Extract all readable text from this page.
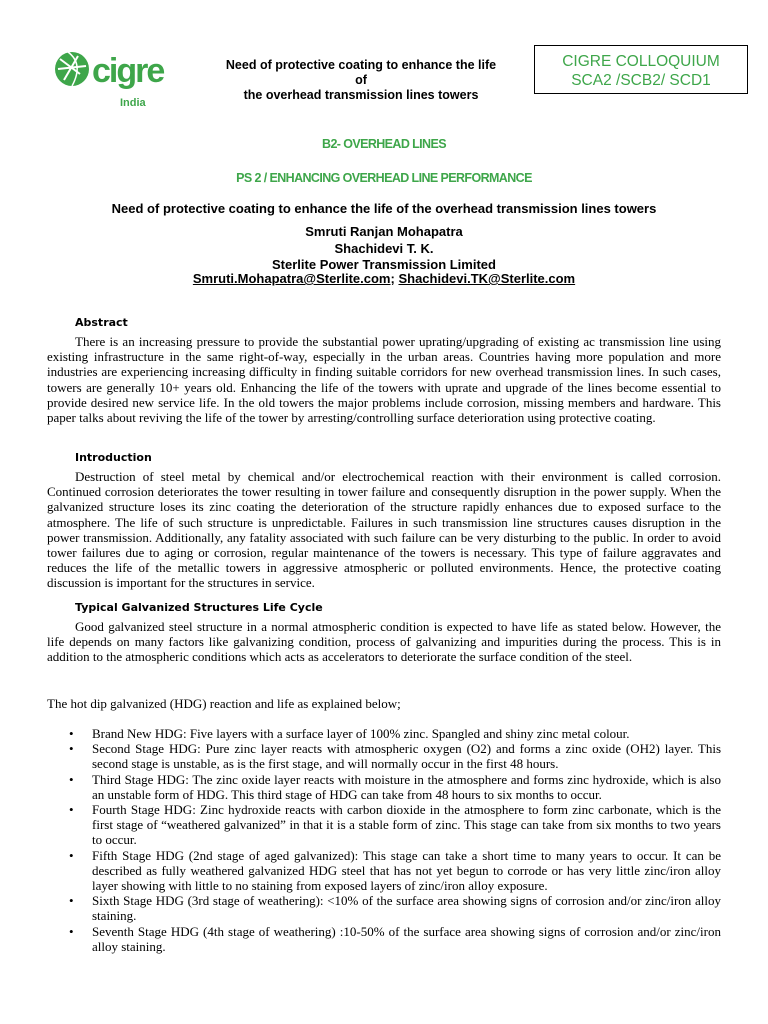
cigre
India
Need of protective coating to enhance the life
of
the overhead transmission lines towers
CIGRE COLLOQUIUM
SCA2 /SCB2/ SCD1
B2- OVERHEAD LINES
PS 2 / ENHANCING OVERHEAD LINE PERFORMANCE
Need of protective coating to enhance the life of the overhead transmission lines towers
Smruti Ranjan Mohapatra
Shachidevi T. K.
Sterlite Power Transmission Limited
Smruti.Mohapatra@Sterlite.com; Shachidevi.TK@Sterlite.com
Abstract
There is an increasing pressure to provide the substantial power uprating/upgrading of existing ac transmission line using existing infrastructure in the same right-of-way, especially in the urban areas. Countries having more population and more industries are experiencing increasing difficulty in finding suitable corridors for new overhead transmission lines. In such cases, towers are generally 10+ years old. Enhancing the life of the towers with uprate and upgrade of the lines become essential to provide desired new service life. In the old towers the major problems include corrosion, missing members and hardware. This paper talks about reviving the life of the tower by arresting/controlling surface deterioration using protective coating.
Introduction
Destruction of steel metal by chemical and/or electrochemical reaction with their environment is called corrosion. Continued corrosion deteriorates the tower resulting in tower failure and consequently disruption in the power supply. When the galvanized structure loses its zinc coating the deterioration of the structure rapidly enhances due to exposed surface to the atmosphere. The life of such structure is unpredictable. Failures in such transmission line structures causes disruption in the power transmission. Additionally, any fatality associated with such failure can be very disturbing to the public. In order to avoid tower failures due to aging or corrosion, regular maintenance of the towers is necessary. This type of failure aggravates and reduces the life of the metallic towers in aggressive atmospheric or polluted environments. Hence, the protective coating discussion is important for the structures in service.
Typical Galvanized Structures Life Cycle
Good galvanized steel structure in a normal atmospheric condition is expected to have life as stated below. However, the life depends on many factors like galvanizing condition, process of galvanizing and impurities during the process. This is in addition to the atmospheric conditions which acts as accelerators to deteriorate the surface condition of the steel.
The hot dip galvanized (HDG) reaction and life as explained below;
• Brand New HDG: Five layers with a surface layer of 100% zinc. Spangled and shiny zinc metal colour.
• Second Stage HDG: Pure zinc layer reacts with atmospheric oxygen (O2) and forms a zinc oxide (OH2) layer. This second stage is unstable, as is the first stage, and will normally occur in the first 48 hours.
• Third Stage HDG: The zinc oxide layer reacts with moisture in the atmosphere and forms zinc hydroxide, which is also an unstable form of HDG. This third stage of HDG can take from 48 hours to six months to occur.
• Fourth Stage HDG: Zinc hydroxide reacts with carbon dioxide in the atmosphere to form zinc carbonate, which is the first stage of “weathered galvanized” in that it is a stable form of zinc. This stage can take from six months to two years to occur.
• Fifth Stage HDG (2nd stage of aged galvanized): This stage can take a short time to many years to occur. It can be described as fully weathered galvanized HDG steel that has not yet begun to corrode or has very little zinc/iron alloy layer showing with little to no staining from exposed layers of zinc/iron alloy exposure.
• Sixth Stage HDG (3rd stage of weathering): <10% of the surface area showing signs of corrosion and/or zinc/iron alloy staining.
• Seventh Stage HDG (4th stage of weathering) :10-50% of the surface area showing signs of corrosion and/or zinc/iron alloy staining.
